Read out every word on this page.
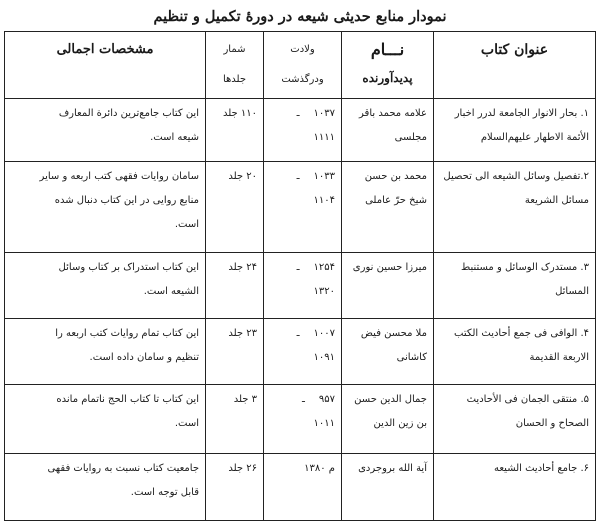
نمودار منابع حدیثی شیعه در دورهٔ تکمیل و تنظیم
عنوان کتاب	نـــام
پدیدآورنده	ولادت
ودرگذشت	شمار جلدها	مشخصات اجمالی

۱. بحار الانوار الجامعة لدرر اخبار
الأئمة الاطهار علیهم‌السلام	علامه محمد باقر
مجلسی	۱۰۳۷ـ
۱۱۱۱	۱۱۰ جلد	این کتاب جامع‌ترین دائرة المعارف
شیعه است.

۲.تفصیل وسائل الشیعه الی تحصیل
مسائل الشریعة	محمد بن حسن
شیخ حرّ عاملی	۱۰۳۳ـ
۱۱۰۴	۲۰ جلد	سامان روایات فقهی کتب اربعه و سایر
منابع روایی در این کتاب دنبال شده
است.

۳. مستدرک الوسائل و مستنبط
المسائل	میرزا حسین نوری	۱۲۵۴ـ
۱۳۲۰	۲۴ جلد	این کتاب استدراک بر کتاب وسائل
الشیعه است.

۴. الوافی فی جمع أحادیث الکتب
الاربعة القدیمة	ملا محسن فیض
کاشانی	۱۰۰۷ـ
۱۰۹۱	۲۳ جلد	این کتاب تمام روایات کتب اربعه را
تنظیم و سامان داده است.

۵. منتقی الجمان فی الأحادیث
الصحاح و الحسان	جمال الدین حسن
بن زین الدین	۹۵۷ـ
۱۰۱۱	۳ جلد	این کتاب تا کتاب الحج ناتمام مانده
است.

۶. جامع أحادیث الشیعه	آیة الله بروجردی	م ۱۳۸۰	۲۶ جلد	جامعیت کتاب نسبت به روایات فقهی
قابل توجه است.
